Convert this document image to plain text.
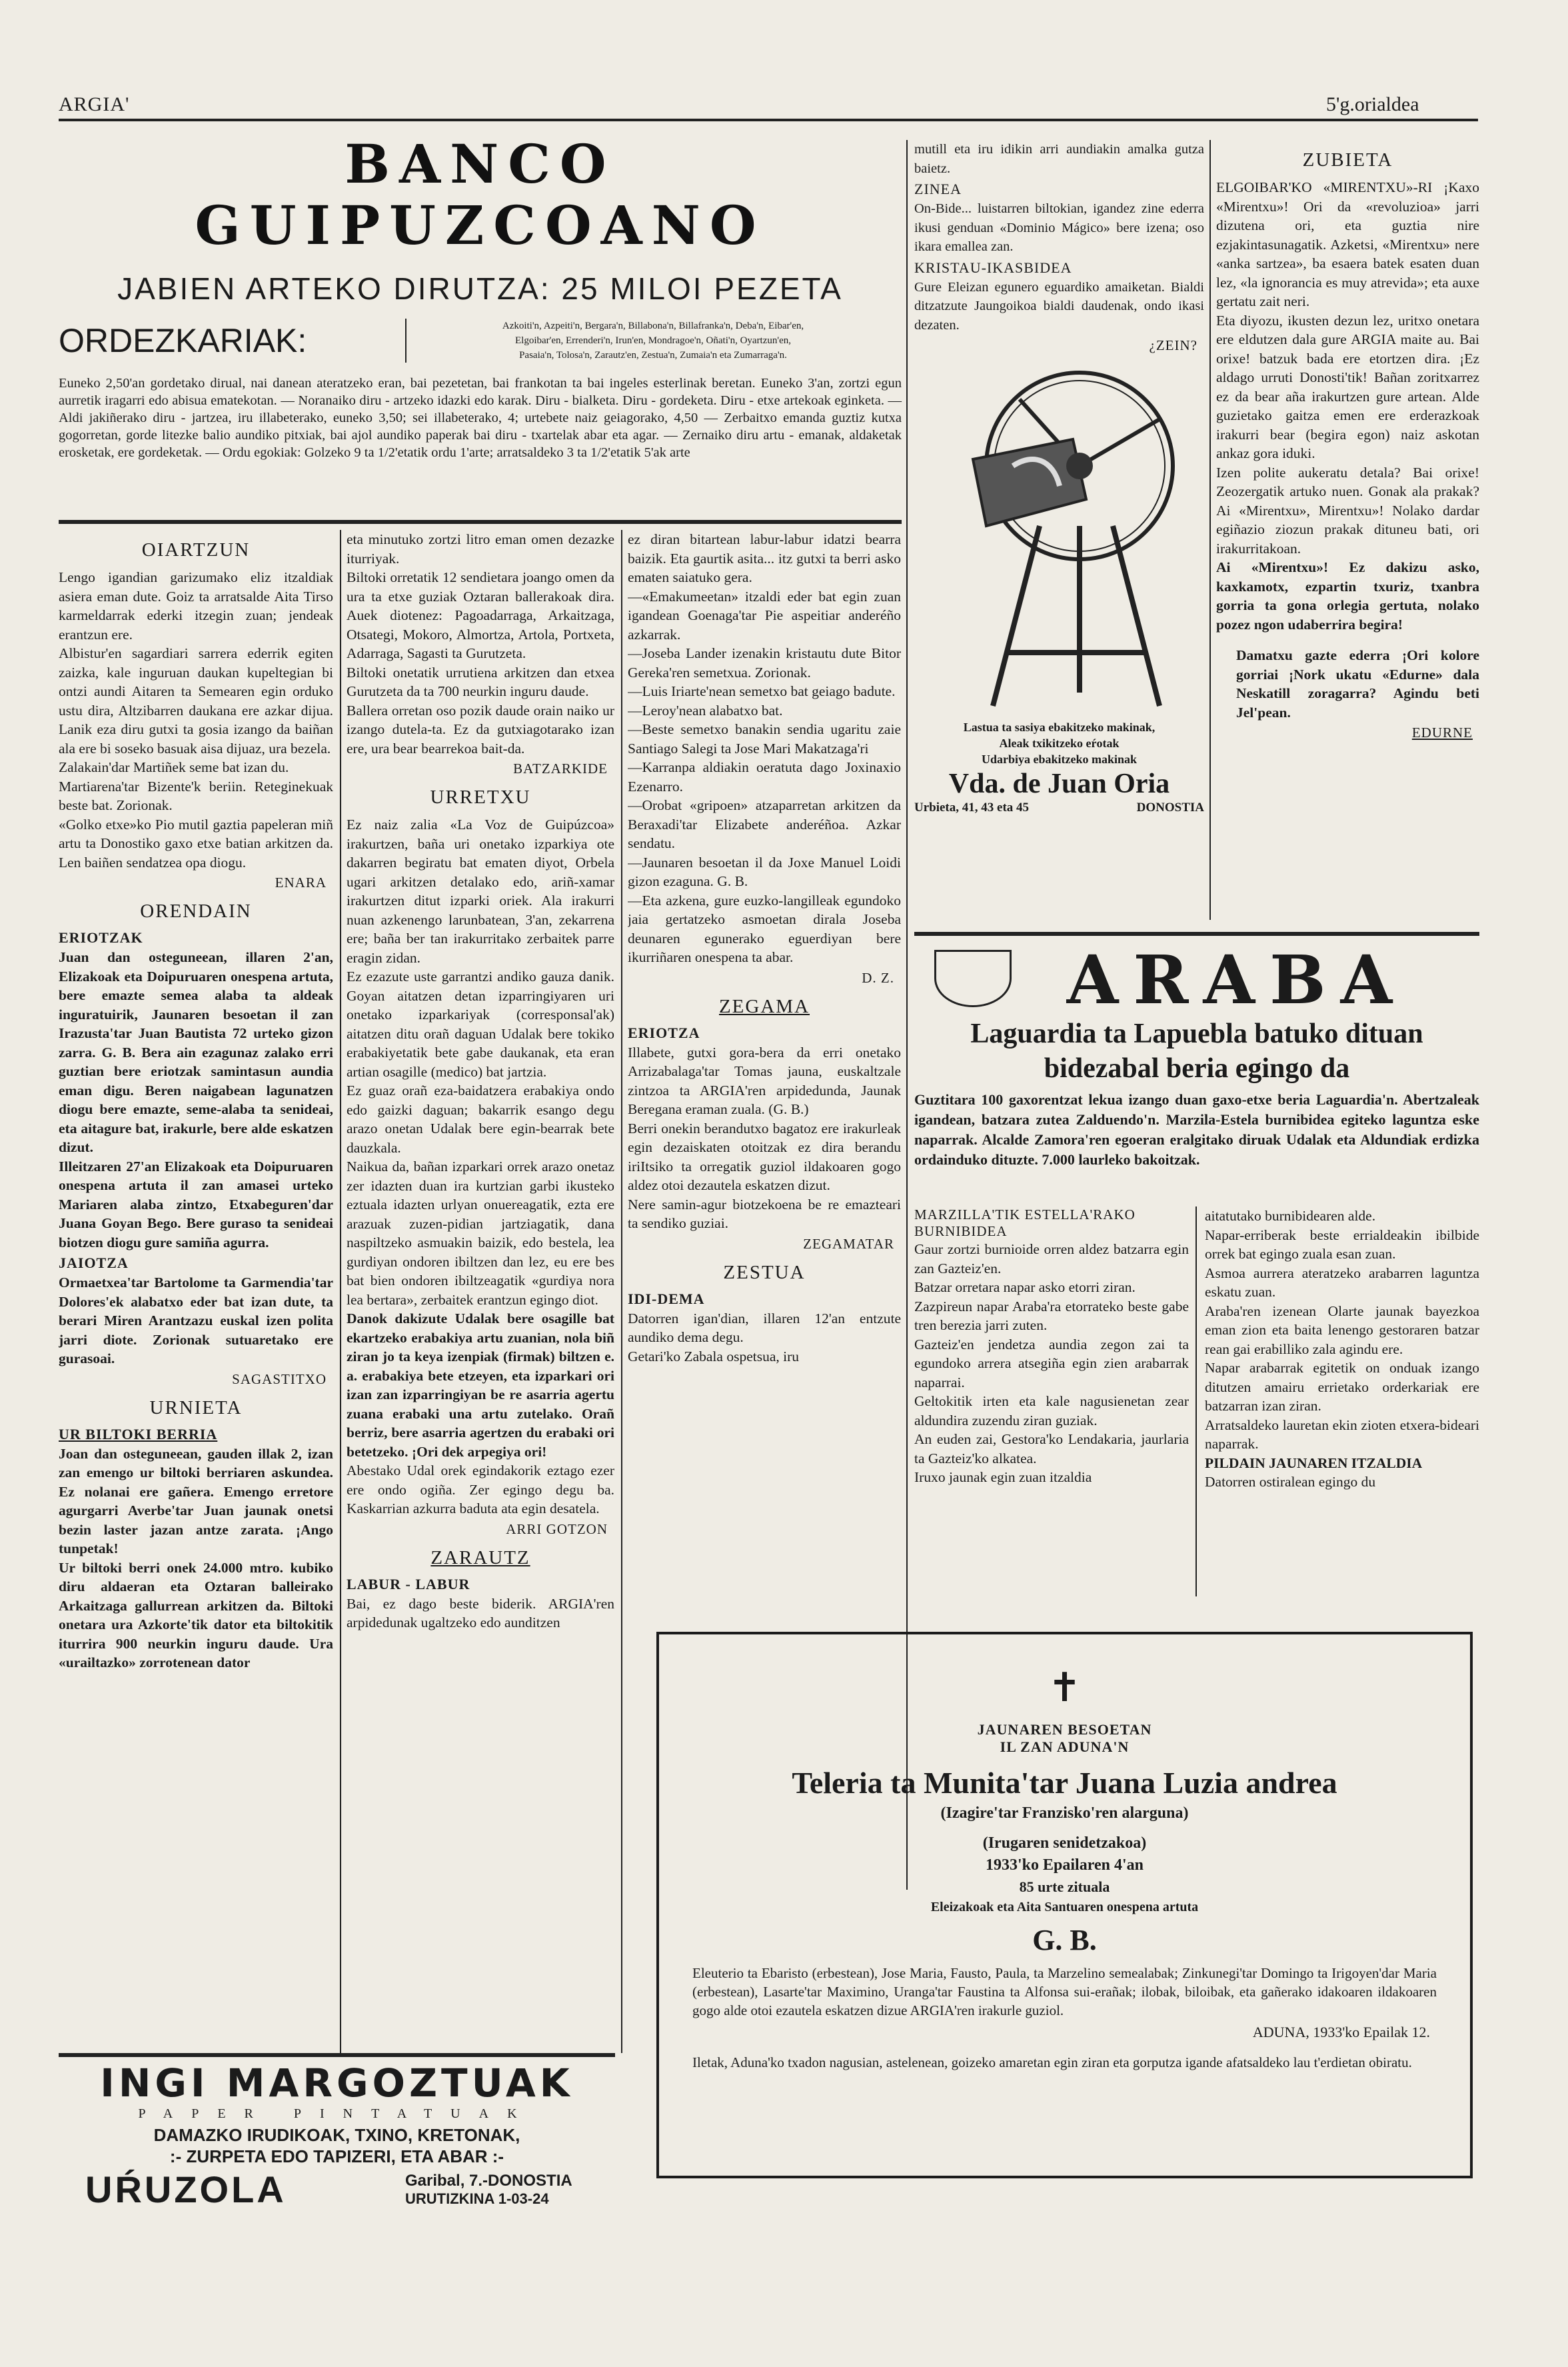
ARGIA'	5'g.orialdea
BANCO GUIPUZCOANO
JABIEN ARTEKO DIRUTZA: 25 MILOI PEZETA
ORDEZKARIAK:	Azkoiti'n, Azpeiti'n, Bergara'n, Billabona'n, Billafranka'n, Deba'n, Eibar'en,
Elgoibar'en, Errenderi'n, Irun'en, Mondragoe'n, Oñati'n, Oyartzun'en,
Pasaia'n, Tolosa'n, Zarautz'en, Zestua'n, Zumaia'n eta Zumarraga'n.

Euneko 2,50'an gordetako dirual, nai danean ateratzeko eran, bai pezetetan, bai frankotan ta bai ingeles esterlinak beretan. Euneko 3'an, zortzi egun aurretik iragarri edo abisua ematekotan. — Noranaiko diru - artzeko idazki edo karak. Diru - bialketa. Diru - gordeketa. Diru - etxe artekoak eginketa. — Aldi jakiñerako diru - jartzea, iru illabeterako, euneko 3,50; sei illabeterako, 4; urtebete naiz geiagorako, 4,50 — Zerbaitxo emanda guztiz kutxa gogorretan, gorde litezke balio aundiko pitxiak, bai ajol aundiko paperak bai diru - txartelak abar eta agar. — Zernaiko diru artu - emanak, aldaketak erosketak, ere gordeketak. — Ordu egokiak: Golzeko 9 ta 1/2'etatik ordu 1'arte; arratsaldeko 3 ta 1/2'etatik 5'ak arte

OIARTZUN

Lengo igandian garizumako eliz itzaldiak asiera eman dute. Goiz ta arratsalde Aita Tirso karmeldarrak ederki itzegin zuan; jendeak erantzun ere.

Albistur'en sagardiari sarrera ederrik egiten zaizka, kale inguruan daukan kupeltegian bi ontzi aundi Aitaren ta Semearen egin orduko ustu dira, Altzibarren daukana ere azkar dijua. Lanik eza diru gutxi ta gosia izango da baiñan ala ere bi soseko basuak aisa dijuaz, ura bezela.

Zalakain'dar Martiñek seme bat izan du.

Martiarena'tar Bizente'k beriin. Reteginekuak beste bat. Zorionak.

«Golko etxe»ko Pio mutil gaztia papeleran miñ artu ta Donostiko gaxo etxe batian arkitzen da. Len baiñen sendatzea opa diogu.

ENARA
ORENDAIN
ERIOTZAK

Juan dan osteguneean, illaren 2'an, Elizakoak eta Doipuruaren onespena artuta, bere emazte semea alaba ta aldeak inguratuirik, Jaunaren besoetan il zan Irazusta'tar Juan Bautista 72 urteko gizon zarra. G. B. Bera ain ezagunaz zalako erri guztian bere eriotzak samintasun aundia eman digu. Beren naigabean lagunatzen diogu bere emazte, seme-alaba ta senideai, eta aitagure bat, irakurle, bere alde eskatzen dizut.

Illeitzaren 27'an Elizakoak eta Doipuruaren onespena artuta il zan amasei urteko Mariaren alaba zintzo, Etxabeguren'dar Juana Goyan Bego. Bere guraso ta senideai biotzen diogu gure samiña agurra.

JAIOTZA

Ormaetxea'tar Bartolome ta Garmendia'tar Dolores'ek alabatxo eder bat izan dute, ta berari Miren Arantzazu euskal izen polita jarri diote. Zorionak sutuaretako ere gurasoai.

SAGASTITXO
URNIETA
UR BILTOKI BERRIA

Joan dan osteguneean, gauden illak 2, izan zan emengo ur biltoki berriaren askundea. Ez nolanai ere gañera. Emengo erretore agurgarri Averbe'tar Juan jaunak onetsi bezin laster jazan antze zarata. ¡Ango tunpetak!

Ur biltoki berri onek 24.000 mtro. kubiko diru aldaeran eta Oztaran balleirako Arkaitzaga gallurrean arkitzen da. Biltoki onetara ura Azkorte'tik dator eta biltokitik iturrira 900 neurkin inguru daude. Ura «urailtazko» zorrotenean dator

eta minutuko zortzi litro eman omen dezazke iturriyak.

Biltoki orretatik 12 sendietara joango omen da ura ta etxe guziak Oztaran ballerakoak dira. Auek diotenez: Pagoadarraga, Arkaitzaga, Otsategi, Mokoro, Almortza, Artola, Portxeta, Adarraga, Sagasti ta Gurutzeta.

Biltoki onetatik urrutiena arkitzen dan etxea Gurutzeta da ta 700 neurkin inguru daude.

Ballera orretan oso pozik daude orain naiko ur izango dutela-ta. Ez da gutxiagotarako izan ere, ura bear bearrekoa bait-da.

BATZARKIDE
URRETXU

Ez naiz zalia «La Voz de Guipúzcoa» irakurtzen, baña uri onetako izparkiya ote dakarren begiratu bat ematen diyot, Orbela ugari arkitzen detalako edo, ariñ-xamar irakurtzen ditut izparki oriek. Ala irakurri nuan azkenengo larunbatean, 3'an, zekarrena ere; baña ber tan irakurritako zerbaitek parre eragin zidan.

Ez ezazute uste garrantzi andiko gauza danik. Goyan aitatzen detan izparringiyaren uri onetako izparkariyak (corresponsal'ak) aitatzen ditu orañ daguan Udalak bere tokiko erabakiyetatik bete gabe daukanak, eta eran artian osagille (medico) bat jartzia.

Ez guaz orañ eza-baidatzera erabakiya ondo edo gaizki daguan; bakarrik esango degu arazo onetan Udalak bere egin-bearrak bete dauzkala.

Naikua da, bañan izparkari orrek arazo onetaz zer idazten duan ira kurtzian garbi ikusteko eztuala idazten urlyan onuereagatik, ezta ere arazuak zuzen-pidian jartziagatik, dana naspiltzeko asmuakin baizik, edo bestela, lea gurdiyan ondoren ibiltzen dan lez, eu ere bes bat bien ondoren ibiltzeagatik «gurdiya nora lea bertara», zerbaitek erantzun egingo diot.

Danok dakizute Udalak bere osagille bat ekartzeko erabakiya artu zuanian, nola biñ ziran jo ta keya izenpiak (firmak) biltzen e. a. erabakiya bete etzeyen, eta izparkari ori izan zan izparringiyan be re asarria agertu zuana erabaki una artu zutelako. Orañ berriz, bere asarria agertzen du erabaki ori betetzeko. ¡Ori dek arpegiya ori!

Abestako Udal orek egindakorik eztago ezer ere ondo ogiña. Zer egingo degu ba. Kaskarrian azkurra baduta ata egin desatela.

ARRI GOTZON
ZARAUTZ
LABUR - LABUR

Bai, ez dago beste biderik. ARGIA'ren arpidedunak ugaltzeko edo aunditzen

ez diran bitartean labur-labur idatzi bearra baizik. Eta gaurtik asita... itz gutxi ta berri asko ematen saiatuko gera.

—«Emakumeetan» itzaldi eder bat egin zuan igandean Goenaga'tar Pie aspeitiar anderéño azkarrak.

—Joseba Lander izenakin kristautu dute Bitor Gereka'ren semetxua. Zorionak.

—Luis Iriarte'nean semetxo bat geiago badute.

—Leroy'nean alabatxo bat.

—Beste semetxo banakin sendia ugaritu zaie Santiago Salegi ta Jose Mari Makatzaga'ri

—Karranpa aldiakin oeratuta dago Joxinaxio Ezenarro.

—Orobat «gripoen» atzaparretan arkitzen da Beraxadi'tar Elizabete anderéñoa. Azkar sendatu.

—Jaunaren besoetan il da Joxe Manuel Loidi gizon ezaguna. G. B.

—Eta azkena, gure euzko-langilleak egundoko jaia gertatzeko asmoetan dirala Joseba deunaren egunerako eguerdiyan bere ikurriñaren onespena ta abar.

D. Z.
ZEGAMA
ERIOTZA

Illabete, gutxi gora-bera da erri onetako Arrizabalaga'tar Tomas jauna, euskaltzale zintzoa ta ARGIA'ren arpidedunda, Jaunak Beregana eraman zuala. (G. B.)

Berri onekin berandutxo bagatoz ere irakurleak egin dezaiskaten otoitzak ez dira berandu iriItsiko ta orregatik guziol ildakoaren gogo aldez otoi dezautela eskatzen dizut.

Nere samin-agur biotzekoena be re emazteari ta sendiko guziai.

ZEGAMATAR
ZESTUA
IDI-DEMA

Datorren igan'dian, illaren 12'an entzute aundiko dema degu.

Getari'ko Zabala ospetsua, iru

mutill eta iru idikin arri aundiakin amalka gutza baietz.

ZINEA

On-Bide... luistarren biltokian, igandez zine ederra ikusi genduan «Dominio Mágico» bere izena; oso ikara emallea zan.

KRISTAU-IKASBIDEA

Gure Eleizan egunero eguardiko amaiketan. Bialdi ditzatzute Jaungoikoa bialdi daudenak, ondo ikasi dezaten.

¿ZEIN?
Lastua ta sasiya ebakitzeko makinak,
Aleak txikitzeko eŕotak
Udarbiya ebakitzeko makinak
Vda. de Juan Oria
Urbieta, 41, 43 eta 45	DONOSTIA
ZUBIETA

ELGOIBAR'KO «MIRENTXU»-RI ¡Kaxo «Mirentxu»! Ori da «revoluzioa» jarri dizutena ori, eta guztia nire ezjakintasunagatik. Azketsi, «Mirentxu» nere «anka sartzea», ba esaera batek esaten duan lez, «la ignorancia es muy atrevida»; eta auxe gertatu zait neri.

Eta diyozu, ikusten dezun lez, uritxo onetara ere eldutzen dala gure ARGIA maite au. Bai orixe! batzuk bada ere etortzen dira. ¡Ez aldago urruti Donosti'tik! Bañan zoritxarrez ez da bear aña irakurtzen gure artean. Alde guzietako gaitza emen ere erderazkoak irakurri bear (begira egon) naiz askotan ankaz gora iduki.

Izen polite aukeratu detala? Bai orixe! Zeozergatik artuko nuen. Gonak ala prakak? Ai «Mirentxu», Mirentxu»! Nolako dardar egiñazio ziozun prakak dituneu bati, ori irakurritakoan.

Ai «Mirentxu»! Ez dakizu asko, kaxkamotx, ezpartin txuriz, txanbra gorria ta gona orlegia gertuta, nolako pozez ngon udaberrira begira!

Damatxu gazte ederra ¡Ori kolore gorriai ¡Nork ukatu «Edurne» dala Neskatill zoragarra? Agindu beti Jel'pean.

EDURNE
ARABA
Laguardia ta Lapuebla batuko dituan
bidezabal beria egingo da

Guztitara 100 gaxorentzat lekua izango duan gaxo-etxe beria Laguardia'n. Abertzaleak igandean, batzara zutea Zalduendo'n. Marzila-Estela burnibidea egiteko laguntza eske naparrak. Alcalde Zamora'ren egoeran eralgitako diruak Udalak eta Aldundiak erdizka ordainduko dituzte. 7.000 laurleko bakoitzak.

MARZILLA'TIK ESTELLA'RAKO BURNIBIDEA

Gaur zortzi burnioide orren aldez batzarra egin zan Gazteiz'en.

Batzar orretara napar asko etorri ziran.

Zazpireun napar Araba'ra etorrateko beste gabe tren berezia jarri zuten.

Gazteiz'en jendetza aundia zegon zai ta egundoko arrera atsegiña egin zien arabarrak naparrai.

Geltokitik irten eta kale nagusienetan zear aldundira zuzendu ziran guziak.

An euden zai, Gestora'ko Lendakaria, jaurlaria ta Gazteiz'ko alkatea.

Iruxo jaunak egin zuan itzaldia

aitatutako burnibidearen alde.

Napar-erriberak beste errialdeakin ibilbide orrek bat egingo zuala esan zuan.

Asmoa aurrera ateratzeko arabarren laguntza eskatu zuan.

Araba'ren izenean Olarte jaunak bayezkoa eman zion eta baita lenengo gestoraren batzar rean gai erabilliko zala agindu ere.

Napar arabarrak egitetik on onduak izango ditutzen amairu errietako orderkariak ere batzarran izan ziran.

Arratsaldeko lauretan ekin zioten etxera-bideari naparrak.

PILDAIN JAUNAREN ITZALDIA

Datorren ostiralean egingo du

✝
JAUNAREN BESOETAN
IL ZAN ADUNA'N
Teleria ta Munita'tar Juana Luzia andrea
(Izagire'tar Franzisko'ren alarguna)
(Irugaren senidetzakoa)
1933'ko Epailaren 4'an
85 urte zituala
Eleizakoak eta Aita Santuaren onespena artuta
G. B.

Eleuterio ta Ebaristo (erbestean), Jose Maria, Fausto, Paula, ta Marzelino semealabak; Zinkunegi'tar Domingo ta Irigoyen'dar Maria (erbestean), Lasarte'tar Maximino, Uranga'tar Faustina ta Alfonsa sui-erañak; ilobak, biloibak, eta gañerako idakoaren ildakoaren gogo alde otoi ezautela eskatzen dizue ARGIA'ren irakurle guziol.

ADUNA, 1933'ko Epailak 12.

Iletak, Aduna'ko txadon nagusian, astelenean, goizeko amaretan egin ziran eta gorputza igande afatsaldeko lau t'erdietan obiratu.

INGI MARGOZTUAK
PAPER PINTATUAK
DAMAZKO IRUDIKOAK, TXINO, KRETONAK,
:- ZURPETA EDO TAPIZERI, ETA ABAR :-
UŔUZOLA	Garibal, 7.-DONOSTIA
URUTIZKINA 1-03-24
